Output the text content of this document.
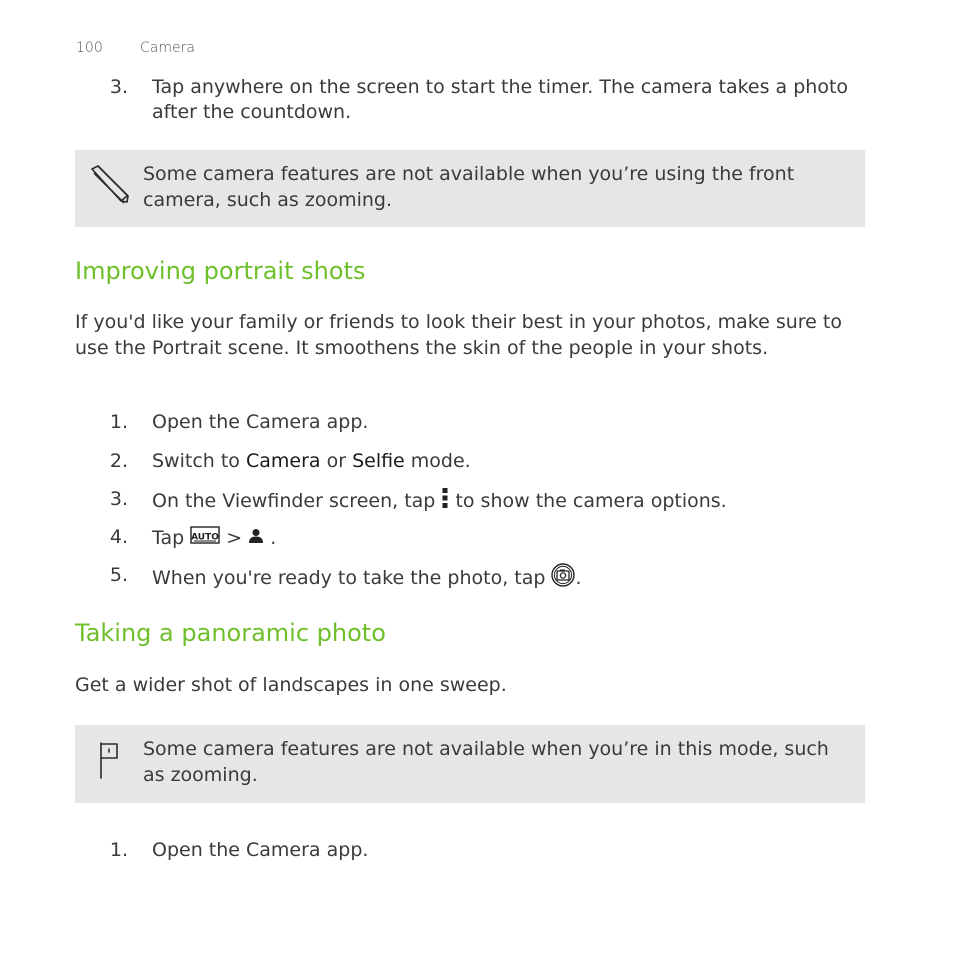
100	Camera
3. Tap anywhere on the screen to start the timer. The camera takes a photo after the countdown.
Some camera features are not available when you’re using the front camera, such as zooming.
Improving portrait shots

If you'd like your family or friends to look their best in your photos, make sure to use the Portrait scene. It smoothens the skin of the people in your shots.

1. Open the Camera app.
2. Switch to Camera or Selfie mode.
3. On the Viewfinder screen, tap  to show the camera options.
4. Tap AUTO >  .
5. When you're ready to take the photo, tap .
Taking a panoramic photo

Get a wider shot of landscapes in one sweep.

Some camera features are not available when you’re in this mode, such as zooming.
1. Open the Camera app.
